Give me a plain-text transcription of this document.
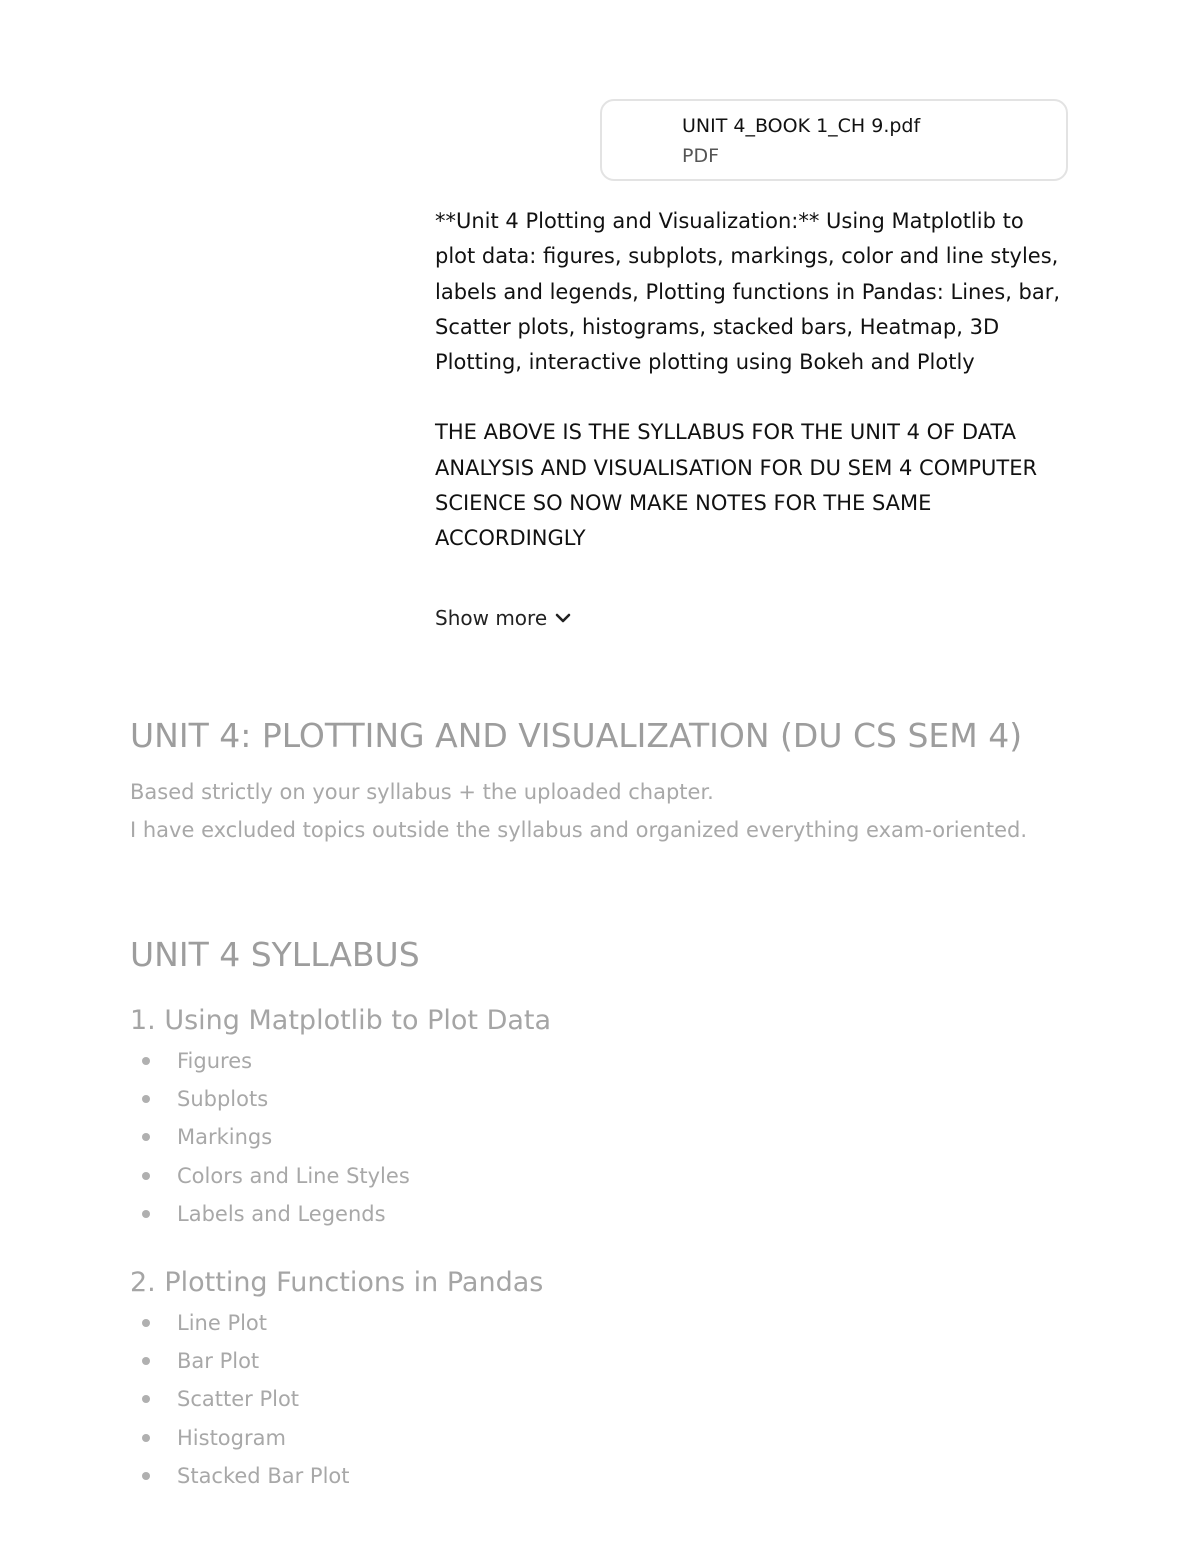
UNIT 4_BOOK 1_CH 9.pdf
PDF

**Unit 4 Plotting and Visualization:** Using Matplotlib to plot data: figures, subplots, markings, color and line styles, labels and legends, Plotting functions in Pandas: Lines, bar, Scatter plots, histograms, stacked bars, Heatmap, 3D Plotting, interactive plotting using Bokeh and Plotly

THE ABOVE IS THE SYLLABUS FOR THE UNIT 4 OF DATA ANALYSIS AND VISUALISATION FOR DU SEM 4 COMPUTER SCIENCE SO NOW MAKE NOTES FOR THE SAME ACCORDINGLY

Show more
UNIT 4: PLOTTING AND VISUALIZATION (DU CS SEM 4)
Based strictly on your syllabus + the uploaded chapter.
I have excluded topics outside the syllabus and organized everything exam-oriented.
UNIT 4 SYLLABUS
1. Using Matplotlib to Plot Data
Figures
Subplots
Markings
Colors and Line Styles
Labels and Legends
2. Plotting Functions in Pandas
Line Plot
Bar Plot
Scatter Plot
Histogram
Stacked Bar Plot
